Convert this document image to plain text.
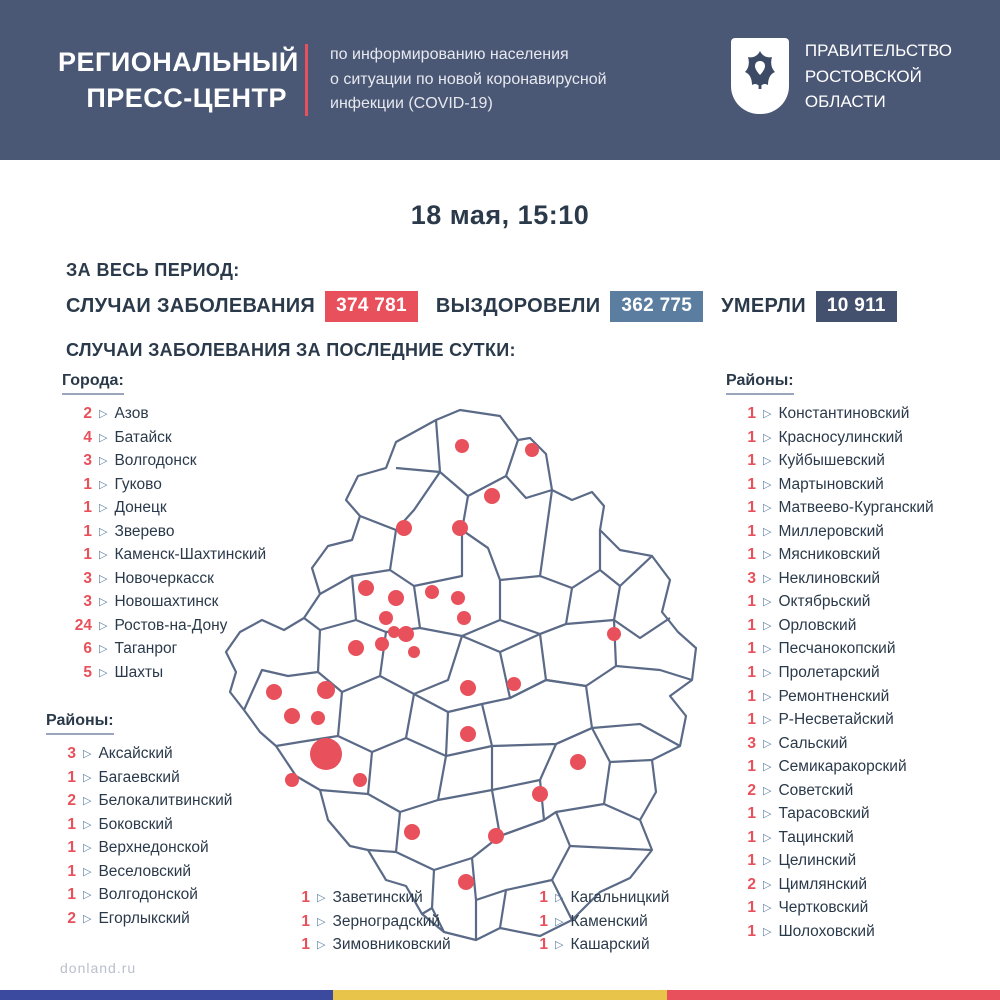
РЕГИОНАЛЬНЫЙ
ПРЕСС-ЦЕНТР
по информированию населения
о ситуации по новой коронавирусной
инфекции (COVID-19)
ПРАВИТЕЛЬСТВО
РОСТОВСКОЙ
ОБЛАСТИ
18 мая, 15:10
ЗА ВЕСЬ ПЕРИОД:
СЛУЧАИ ЗАБОЛЕВАНИЯ	374 781	ВЫЗДОРОВЕЛИ	362 775	УМЕРЛИ	10 911
СЛУЧАИ ЗАБОЛЕВАНИЯ ЗА ПОСЛЕДНИЕ СУТКИ:
Города:
2 ▷ Азов
4 ▷ Батайск
3 ▷ Волгодонск
1 ▷ Гуково
1 ▷ Донецк
1 ▷ Зверево
1 ▷ Каменск-Шахтинский
3 ▷ Новочеркасск
3 ▷ Новошахтинск
24 ▷ Ростов-на-Дону
6 ▷ Таганрог
5 ▷ Шахты
Районы:
3 ▷ Аксайский
1 ▷ Багаевский
2 ▷ Белокалитвинский
1 ▷ Боковский
1 ▷ Верхнедонской
1 ▷ Веселовский
1 ▷ Волгодонской
2 ▷ Егорлыкский
Районы:
1 ▷ Константиновский
1 ▷ Красносулинский
1 ▷ Куйбышевский
1 ▷ Мартыновский
1 ▷ Матвеево-Курганский
1 ▷ Миллеровский
1 ▷ Мясниковский
3 ▷ Неклиновский
1 ▷ Октябрьский
1 ▷ Орловский
1 ▷ Песчанокопский
1 ▷ Пролетарский
1 ▷ Ремонтненский
1 ▷ Р-Несветайский
3 ▷ Сальский
1 ▷ Семикаракорский
2 ▷ Советский
1 ▷ Тарасовский
1 ▷ Тацинский
1 ▷ Целинский
2 ▷ Цимлянский
1 ▷ Чертковский
1 ▷ Шолоховский
1 ▷ Заветинский
1 ▷ Зерноградский
1 ▷ Зимовниковский
1 ▷ Кагальницкий
1 ▷ Каменский
1 ▷ Кашарский
donland.ru
